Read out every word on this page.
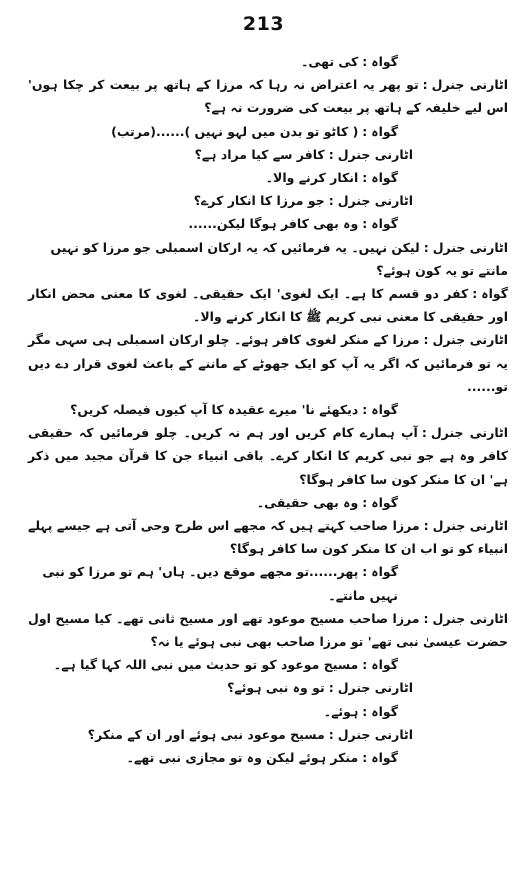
213

گواہ:کی تھی۔

اٹارنی جنرل:تو پھر یہ اعتراض نہ رہا کہ مرزا کے ہاتھ پر بیعت کر چکا ہوں' اس لیے خلیفہ کے ہاتھ پر بیعت کی ضرورت نہ ہے؟

گواہ:( کاٹو تو بدن میں لہو نہیں )......(مرتب)

اٹارنی جنرل:کافر سے کیا مراد ہے؟

گواہ:انکار کرنے والا۔

اٹارنی جنرل:جو مرزا کا انکار کرے؟

گواہ:وہ بھی کافر ہوگا لیکن......

اٹارنی جنرل:لیکن نہیں۔ یہ فرمائیں کہ یہ ارکان اسمبلی جو مرزا کو نہیں مانتے تو یہ کون ہوئے؟

گواہ:کفر دو قسم کا ہے۔ ایک لغوی' ایک حقیقی۔ لغوی کا معنی محض انکار اور حقیقی کا معنی نبی کریم ﷺ کا انکار کرنے والا۔

اٹارنی جنرل:مرزا کے منکر لغوی کافر ہوئے۔ چلو ارکان اسمبلی ہی سہی مگر یہ تو فرمائیں کہ اگر یہ آپ کو ایک جھوٹے کے ماننے کے باعث لغوی قرار دے دیں تو......

گواہ:دیکھئے نا' میرے عقیدہ کا آپ کیوں فیصلہ کریں؟

اٹارنی جنرل:آپ ہمارے کام کریں اور ہم نہ کریں۔ چلو فرمائیں کہ حقیقی کافر وہ ہے جو نبی کریم کا انکار کرے۔ باقی انبیاء جن کا قرآن مجید میں ذکر ہے' ان کا منکر کون سا کافر ہوگا؟

گواہ:وہ بھی حقیقی۔

اٹارنی جنرل:مرزا صاحب کہتے ہیں کہ مجھے اس طرح وحی آتی ہے جیسے پہلے انبیاء کو تو اب ان کا منکر کون سا کافر ہوگا؟

گواہ:پھر......تو مجھے موقع دیں۔ ہاں' ہم تو مرزا کو نبی نہیں مانتے۔

اٹارنی جنرل:مرزا صاحب مسیح موعود تھے اور مسیح ثانی تھے۔ کیا مسیح اول حضرت عیسیٰ نبی تھے' تو مرزا صاحب بھی نبی ہوئے یا نہ؟

گواہ:مسیح موعود کو تو حدیث میں نبی اللہ کہا گیا ہے۔

اٹارنی جنرل:تو وہ نبی ہوئے؟

گواہ:ہوئے۔

اٹارنی جنرل:مسیح موعود نبی ہوئے اور ان کے منکر؟

گواہ:منکر ہوئے لیکن وہ تو مجازی نبی تھے۔
